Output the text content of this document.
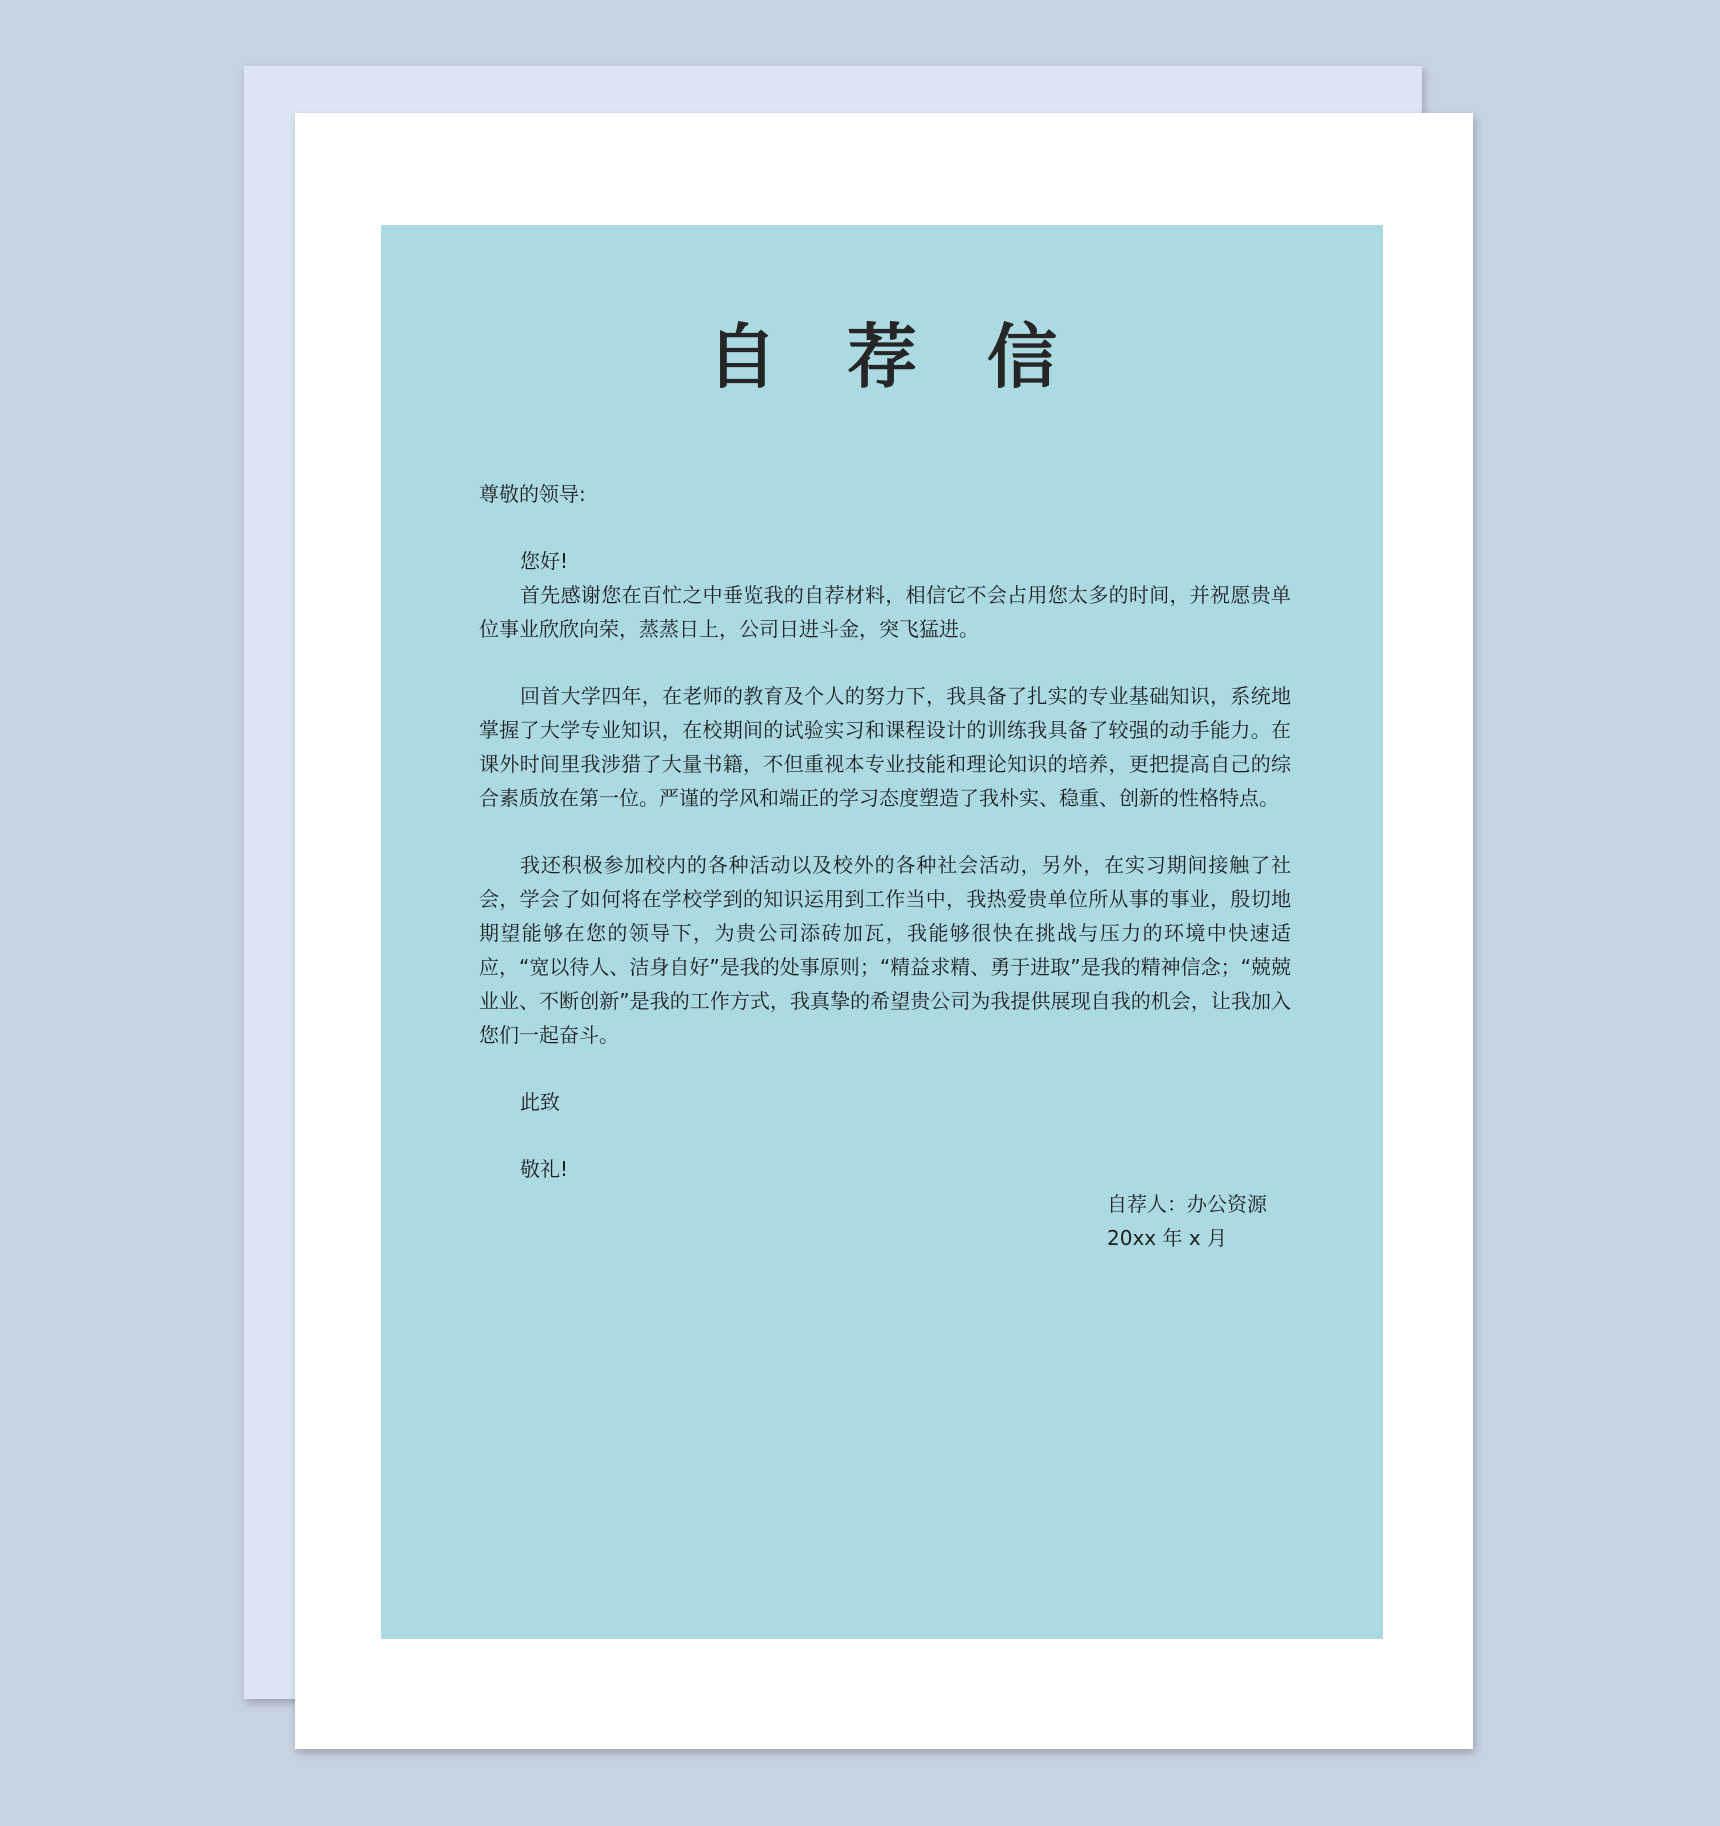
自荐信

尊敬的领导:

您好!

首先感谢您在百忙之中垂览我的自荐材料，相信它不会占用您太多的时间，并祝愿贵单位事业欣欣向荣，蒸蒸日上，公司日进斗金，突飞猛进。

回首大学四年，在老师的教育及个人的努力下，我具备了扎实的专业基础知识，系统地掌握了大学专业知识，在校期间的试验实习和课程设计的训练我具备了较强的动手能力。在课外时间里我涉猎了大量书籍，不但重视本专业技能和理论知识的培养，更把提高自己的综合素质放在第一位。严谨的学风和端正的学习态度塑造了我朴实、稳重、创新的性格特点。

我还积极参加校内的各种活动以及校外的各种社会活动，另外，在实习期间接触了社会，学会了如何将在学校学到的知识运用到工作当中，我热爱贵单位所从事的事业，殷切地期望能够在您的领导下，为贵公司添砖加瓦，我能够很快在挑战与压力的环境中快速适应，“宽以待人、洁身自好”是我的处事原则；“精益求精、勇于进取”是我的精神信念；“兢兢业业、不断创新”是我的工作方式，我真挚的希望贵公司为我提供展现自我的机会，让我加入您们一起奋斗。

此致

敬礼!

自荐人：办公资源
20xx 年 x 月
